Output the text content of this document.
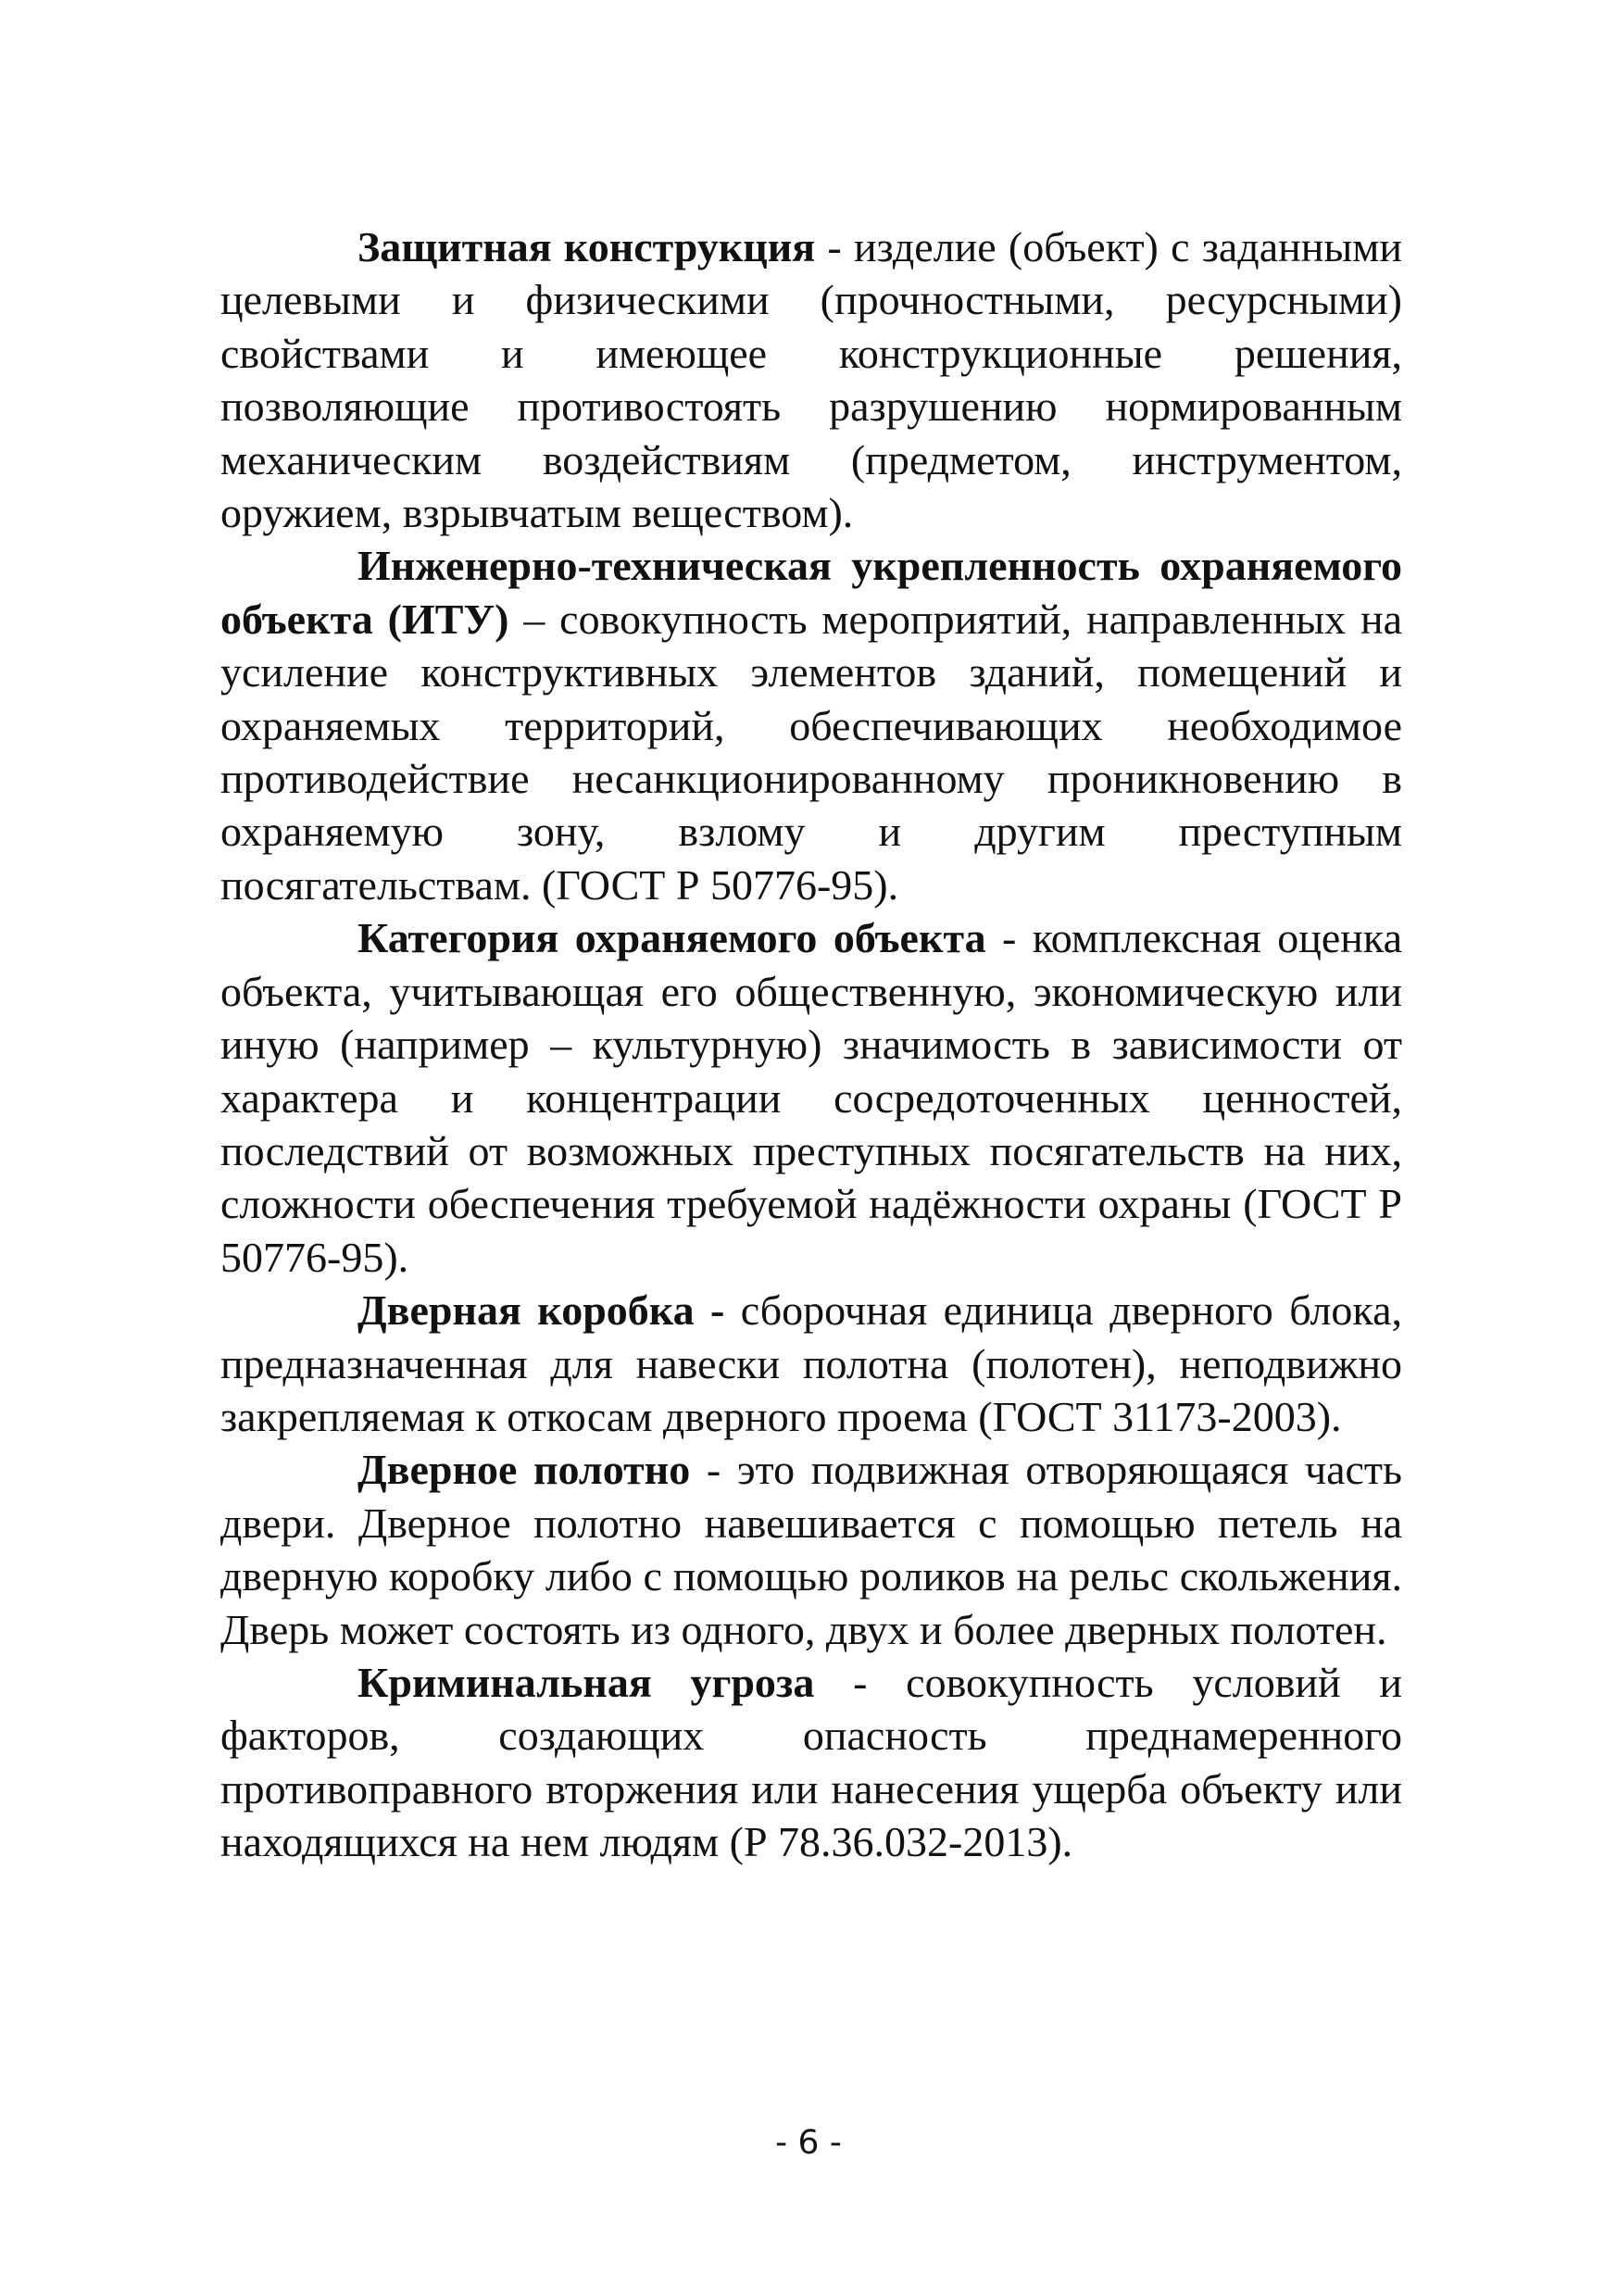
Защитная конструкция - изделие (объект) с заданными целевыми и физическими (прочностными, ресурсными) свойствами и имеющее конструкционные решения, позволяющие противостоять разрушению нормированным механическим воздействиям (предметом, инструментом, оружием, взрывчатым веществом).

Инженерно-техническая укрепленность охраняемого объекта (ИТУ) – совокупность мероприятий, направленных на усиление конструктивных элементов зданий, помещений и охраняемых территорий, обеспечивающих необходимое противодействие несанкционированному проникновению в охраняемую зону, взлому и другим преступным посягательствам. (ГОСТ Р 50776-95).

Категория охраняемого объекта - комплексная оценка объекта, учитывающая его общественную, экономическую или иную (например – культурную) значимость в зависимости от характера и концентрации сосредоточенных ценностей, последствий от возможных преступных посягательств на них, сложности обеспечения требуемой надёжности охраны (ГОСТ Р 50776-95).

Дверная коробка - сборочная единица дверного блока, предназначенная для навески полотна (полотен), неподвижно закрепляемая к откосам дверного проема (ГОСТ 31173-2003).

Дверное полотно - это подвижная отворяющаяся часть двери. Дверное полотно навешивается с помощью петель на дверную коробку либо с помощью роликов на рельс скольжения. Дверь может состоять из одного, двух и более дверных полотен.

Криминальная угроза - совокупность условий и факторов, создающих опасность преднамеренного противоправного вторжения или нанесения ущерба объекту или находящихся на нем людям (Р 78.36.032-2013).

- 6 -
